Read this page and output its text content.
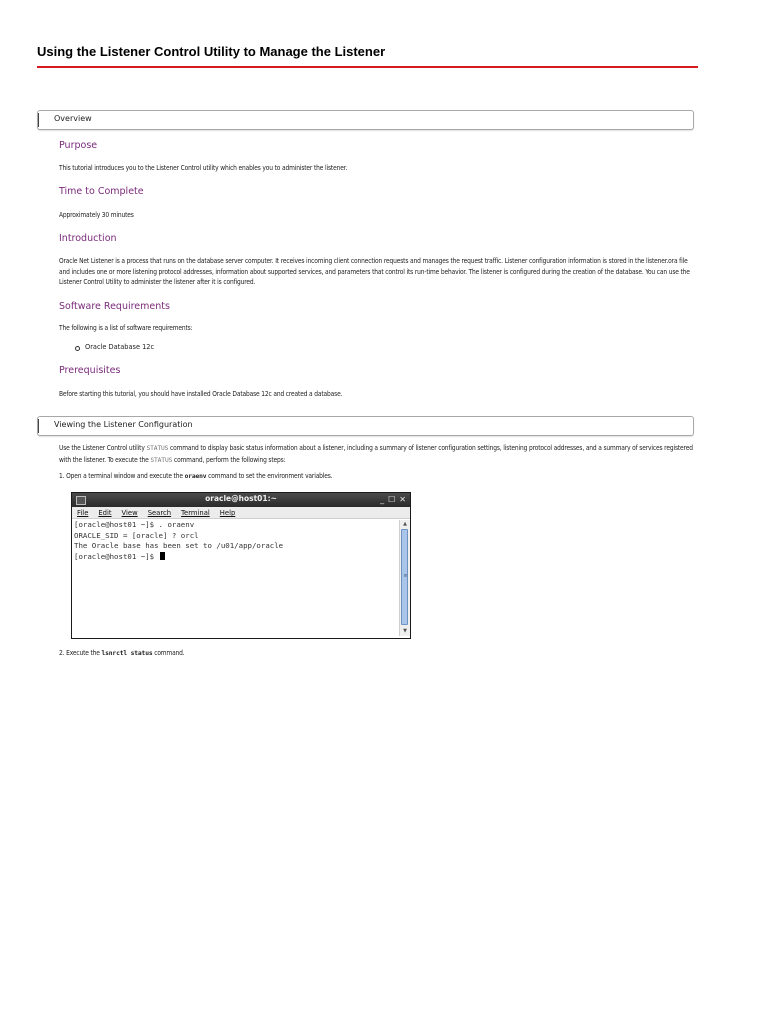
Using the Listener Control Utility to Manage the Listener
Overview
Purpose

This tutorial introduces you to the Listener Control utility which enables you to administer the listener.

Time to Complete

Approximately 30 minutes

Introduction

Oracle Net Listener is a process that runs on the database server computer. It receives incoming client connection requests and manages the request traffic. Listener configuration information is stored in the listener.ora file and includes one or more listening protocol addresses, information about supported services, and parameters that control its run-time behavior. The listener is configured during the creation of the database. You can use the Listener Control Utility to administer the listener after it is configured.

Software Requirements

The following is a list of software requirements:

Oracle Database 12c
Prerequisites

Before starting this tutorial, you should have installed Oracle Database 12c and created a database.

Viewing the Listener Configuration

Use the Listener Control utility STATUS command to display basic status information about a listener, including a summary of listener configuration settings, listening protocol addresses, and a summary of services registered with the listener. To execute the STATUS command, perform the following steps:

1. Open a terminal window and execute the oraenv command to set the environment variables.

oracle@host01:~	_ ☐ ✕
File Edit View Search Terminal Help
[oracle@host01 ~]$ . oraenv
ORACLE_SID = [oracle] ? orcl
The Oracle base has been set to /u01/app/oracle
[oracle@host01 ~]$
▲
≡
▼

2. Execute the lsnrctl status command.
